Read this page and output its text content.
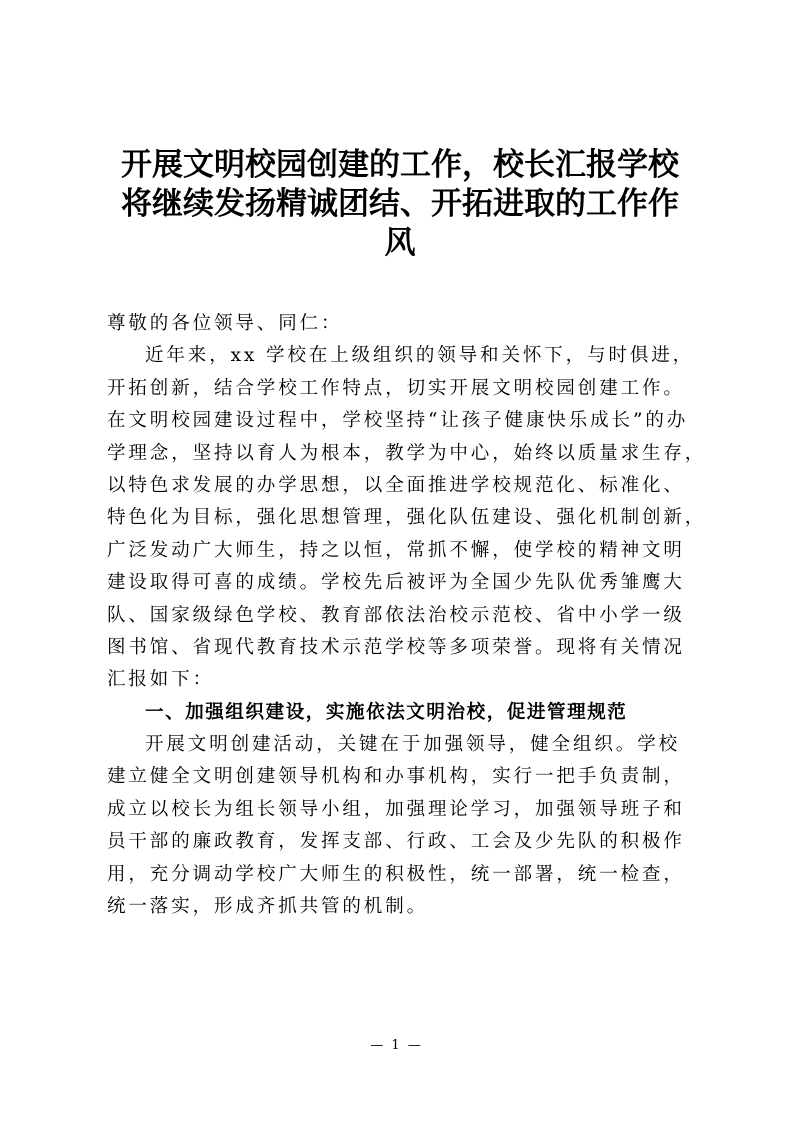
开展文明校园创建的工作，校长汇报学校
将继续发扬精诚团结、开拓进取的工作作
风
尊敬的各位领导、同仁：
近年来，xx 学校在上级组织的领导和关怀下，与时俱进，
开拓创新，结合学校工作特点，切实开展文明校园创建工作。
在文明校园建设过程中，学校坚持“让孩子健康快乐成长”的办
学理念，坚持以育人为根本，教学为中心，始终以质量求生存，
以特色求发展的办学思想，以全面推进学校规范化、标准化、
特色化为目标，强化思想管理，强化队伍建设、强化机制创新，
广泛发动广大师生，持之以恒，常抓不懈，使学校的精神文明
建设取得可喜的成绩。学校先后被评为全国少先队优秀雏鹰大
队、国家级绿色学校、教育部依法治校示范校、省中小学一级
图书馆、省现代教育技术示范学校等多项荣誉。现将有关情况
汇报如下：
一、加强组织建设，实施依法文明治校，促进管理规范
开展文明创建活动，关键在于加强领导，健全组织。学校
建立健全文明创建领导机构和办事机构，实行一把手负责制，
成立以校长为组长领导小组，加强理论学习，加强领导班子和
员干部的廉政教育，发挥支部、行政、工会及少先队的积极作
用，充分调动学校广大师生的积极性，统一部署，统一检查，
统一落实，形成齐抓共管的机制。
— 1 —
